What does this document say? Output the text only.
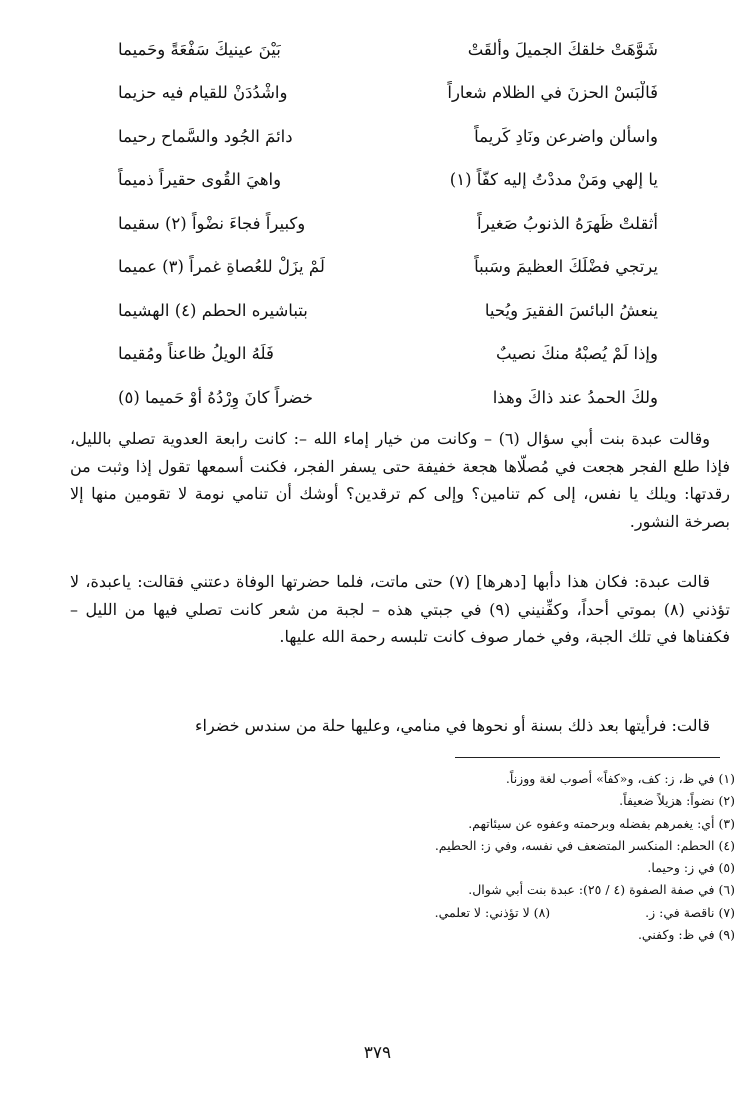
شَوَّهَتْ خلقكَ الجميلَ وألقَتْ
بَيْنَ عينيكَ سَفْعَةً وحَميما
فَالْبَسْ الحزنَ في الظلام شعاراً
واشْدُدَنْ للقيام فيه حزيما
واسألن واضرعن ونَادِ كَريماً
دائمَ الجُود والسَّماح رحيما
يا إلهي ومَنْ مددْتُ إليه كفّاً (١)
واهيَ القُوى حقيراً ذميماً
أثقلتْ ظَهرَهُ الذنوبُ صَغيراً
وكبيراً فجاءَ نضْواً (٢) سقيما
يرتجي فضْلَكَ العظيمَ وسَبباً
لَمْ يزَلْ للعُصاةِ غمراً (٣) عميما
ينعشُ البائسَ الفقيرَ ويُحيا
بتباشيره الحطم (٤) الهشيما
وإذا لَمْ يُصبْهُ منكَ نصيبٌ
فَلَهُ الويلُ ظاعناً ومُقيما
ولكَ الحمدُ عند ذاكَ وهذا
خضراً كانَ وِرْدُهُ أوْ حَميما (٥)

وقالت عبدة بنت أبي سؤال (٦) – وكانت من خيار إماء الله –: كانت رابعة العدوية تصلي بالليل، فإذا طلع الفجر هجعت في مُصلّاها هجعة خفيفة حتى يسفر الفجر، فكنت أسمعها تقول إذا وثبت من رقدتها: ويلك يا نفس، إلى كم تنامين؟ وإلى كم ترقدين؟ أوشك أن تنامي نومة لا تقومين منها إلا بصرخة النشور.

قالت عبدة: فكان هذا دأبها [دهرها] (٧) حتى ماتت، فلما حضرتها الوفاة دعتني فقالت: ياعبدة، لا تؤذني (٨) بموتي أحداً، وكفِّنيني (٩) في جبتي هذه – لجبة من شعر كانت تصلي فيها من الليل – فكفناها في تلك الجبة، وفي خمار صوف كانت تلبسه رحمة الله عليها.

قالت: فرأيتها بعد ذلك بسنة أو نحوها في منامي، وعليها حلة من سندس خضراء

(١) في ظ، ز: كف، و«كفاً» أصوب لغة ووزناً.
(٢) نضواً: هزيلاً ضعيفاً.
(٣) أي: يغمرهم بفضله وبرحمته وعفوه عن سيئاتهم.
(٤) الحطم: المنكسر المتضعف في نفسه، وفي ز: الحطيم.
(٥) في ز: وحيما.
(٦) في صفة الصفوة (٤ / ٢٥): عبدة بنت أبي شوال.
(٧) ناقصة في: ز.
(٨) لا تؤذني: لا تعلمي.
(٩) في ظ: وكفني.
٣٧٩
